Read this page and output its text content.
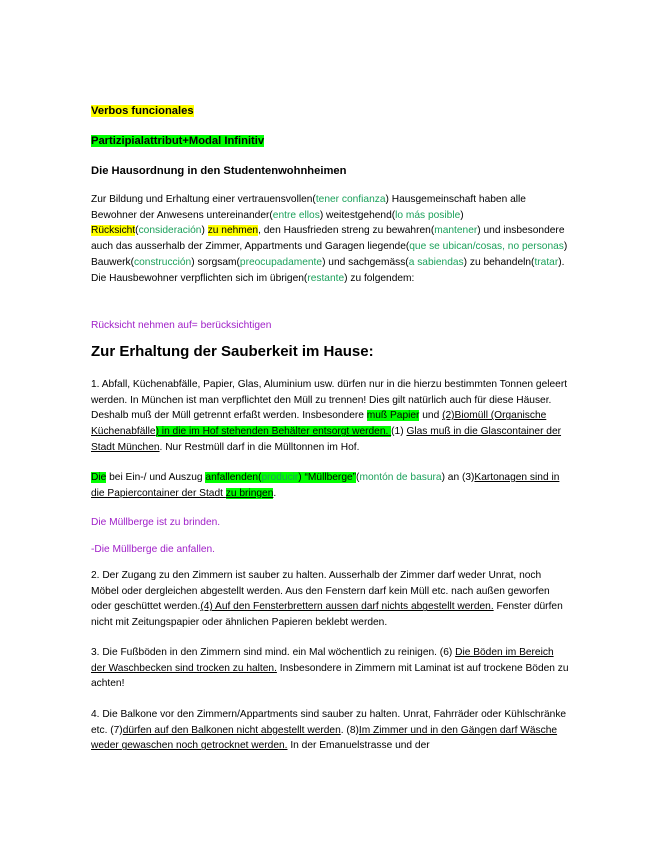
Verbos funcionales
Partizipialattribut+Modal Infinitiv
Die Hausordnung in den Studentenwohnheimen
Zur Bildung und Erhaltung einer vertrauensvollen(tener confianza) Hausgemeinschaft haben alle Bewohner der Anwesens untereinander(entre ellos) weitestgehend(lo más posible)
Rücksicht(consideración) zu nehmen, den Hausfrieden streng zu bewahren(mantener) und insbesondere auch das ausserhalb der Zimmer, Appartments und Garagen liegende(que se ubican/cosas, no personas) Bauwerk(construcción) sorgsam(preocupadamente) und sachgemäss(a sabiendas) zu behandeln(tratar). Die Hausbewohner verpflichten sich im übrigen(restante) zu folgendem:
Rücksicht nehmen auf= berücksichtigen
Zur Erhaltung der Sauberkeit im Hause:
1. Abfall, Küchenabfälle, Papier, Glas, Aluminium usw. dürfen nur in die hierzu bestimmten Tonnen geleert werden. In München ist man verpflichtet den Müll zu trennen! Dies gilt natürlich auch für diese Häuser. Deshalb muß der Müll getrennt erfaßt werden. Insbesondere muß Papier und (2)Biomüll (Organische Küchenabfälle) in die im Hof stehenden Behälter entsorgt werden. (1) Glas muß in die Glascontainer der Stadt München. Nur Restmüll darf in die Mülltonnen im Hof.
Die bei Ein-/ und Auszug anfallenden(producir) “Müllberge”(montón de basura) an (3)Kartonagen sind in die Papiercontainer der Stadt zu bringen.
Die Müllberge ist zu brinden.
-Die Müllberge die anfallen.
2. Der Zugang zu den Zimmern ist sauber zu halten. Ausserhalb der Zimmer darf weder Unrat, noch Möbel oder dergleichen abgestellt werden. Aus den Fenstern darf kein Müll etc. nach außen geworfen oder geschüttet werden.(4) Auf den Fensterbrettern aussen darf nichts abgestellt werden. Fenster dürfen nicht mit Zeitungspapier oder ähnlichen Papieren beklebt werden.
3. Die Fußböden in den Zimmern sind mind. ein Mal wöchentlich zu reinigen. (6) Die Böden im Bereich der Waschbecken sind trocken zu halten. Insbesondere in Zimmern mit Laminat ist auf trockene Böden zu achten!
4. Die Balkone vor den Zimmern/Appartments sind sauber zu halten. Unrat, Fahrräder oder Kühlschränke etc. (7)dürfen auf den Balkonen nicht abgestellt werden. (8)Im Zimmer und in den Gängen darf Wäsche weder gewaschen noch getrocknet werden. In der Emanuelstrasse und der
